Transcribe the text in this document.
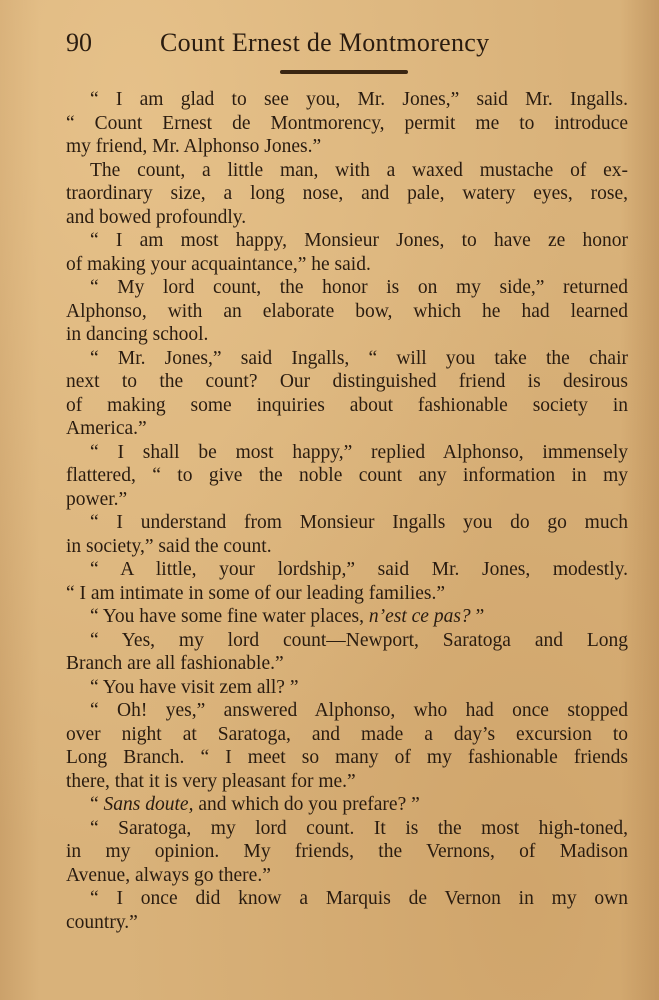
90	Count Ernest de Montmorency
“ I am glad to see you, Mr. Jones,” said Mr. Ingalls.
“ Count Ernest de Montmorency, permit me to introduce
my friend, Mr. Alphonso Jones.”
The count, a little man, with a waxed mustache of ex-
traordinary size, a long nose, and pale, watery eyes, rose,
and bowed profoundly.
“ I am most happy, Monsieur Jones, to have ze honor
of making your acquaintance,” he said.
“ My lord count, the honor is on my side,” returned
Alphonso, with an elaborate bow, which he had learned
in dancing school.
“ Mr. Jones,” said Ingalls, “ will you take the chair
next to the count? Our distinguished friend is desirous
of making some inquiries about fashionable society in
America.”
“ I shall be most happy,” replied Alphonso, immensely
flattered, “ to give the noble count any information in my
power.”
“ I understand from Monsieur Ingalls you do go much
in society,” said the count.
“ A little, your lordship,” said Mr. Jones, modestly.
“ I am intimate in some of our leading families.”
“ You have some fine water places, n’est ce pas? ”
“ Yes, my lord count—Newport, Saratoga and Long
Branch are all fashionable.”
“ You have visit zem all? ”
“ Oh! yes,” answered Alphonso, who had once stopped
over night at Saratoga, and made a day’s excursion to
Long Branch. “ I meet so many of my fashionable friends
there, that it is very pleasant for me.”
“ Sans doute, and which do you prefare? ”
“ Saratoga, my lord count. It is the most high-toned,
in my opinion. My friends, the Vernons, of Madison
Avenue, always go there.”
“ I once did know a Marquis de Vernon in my own
country.”
